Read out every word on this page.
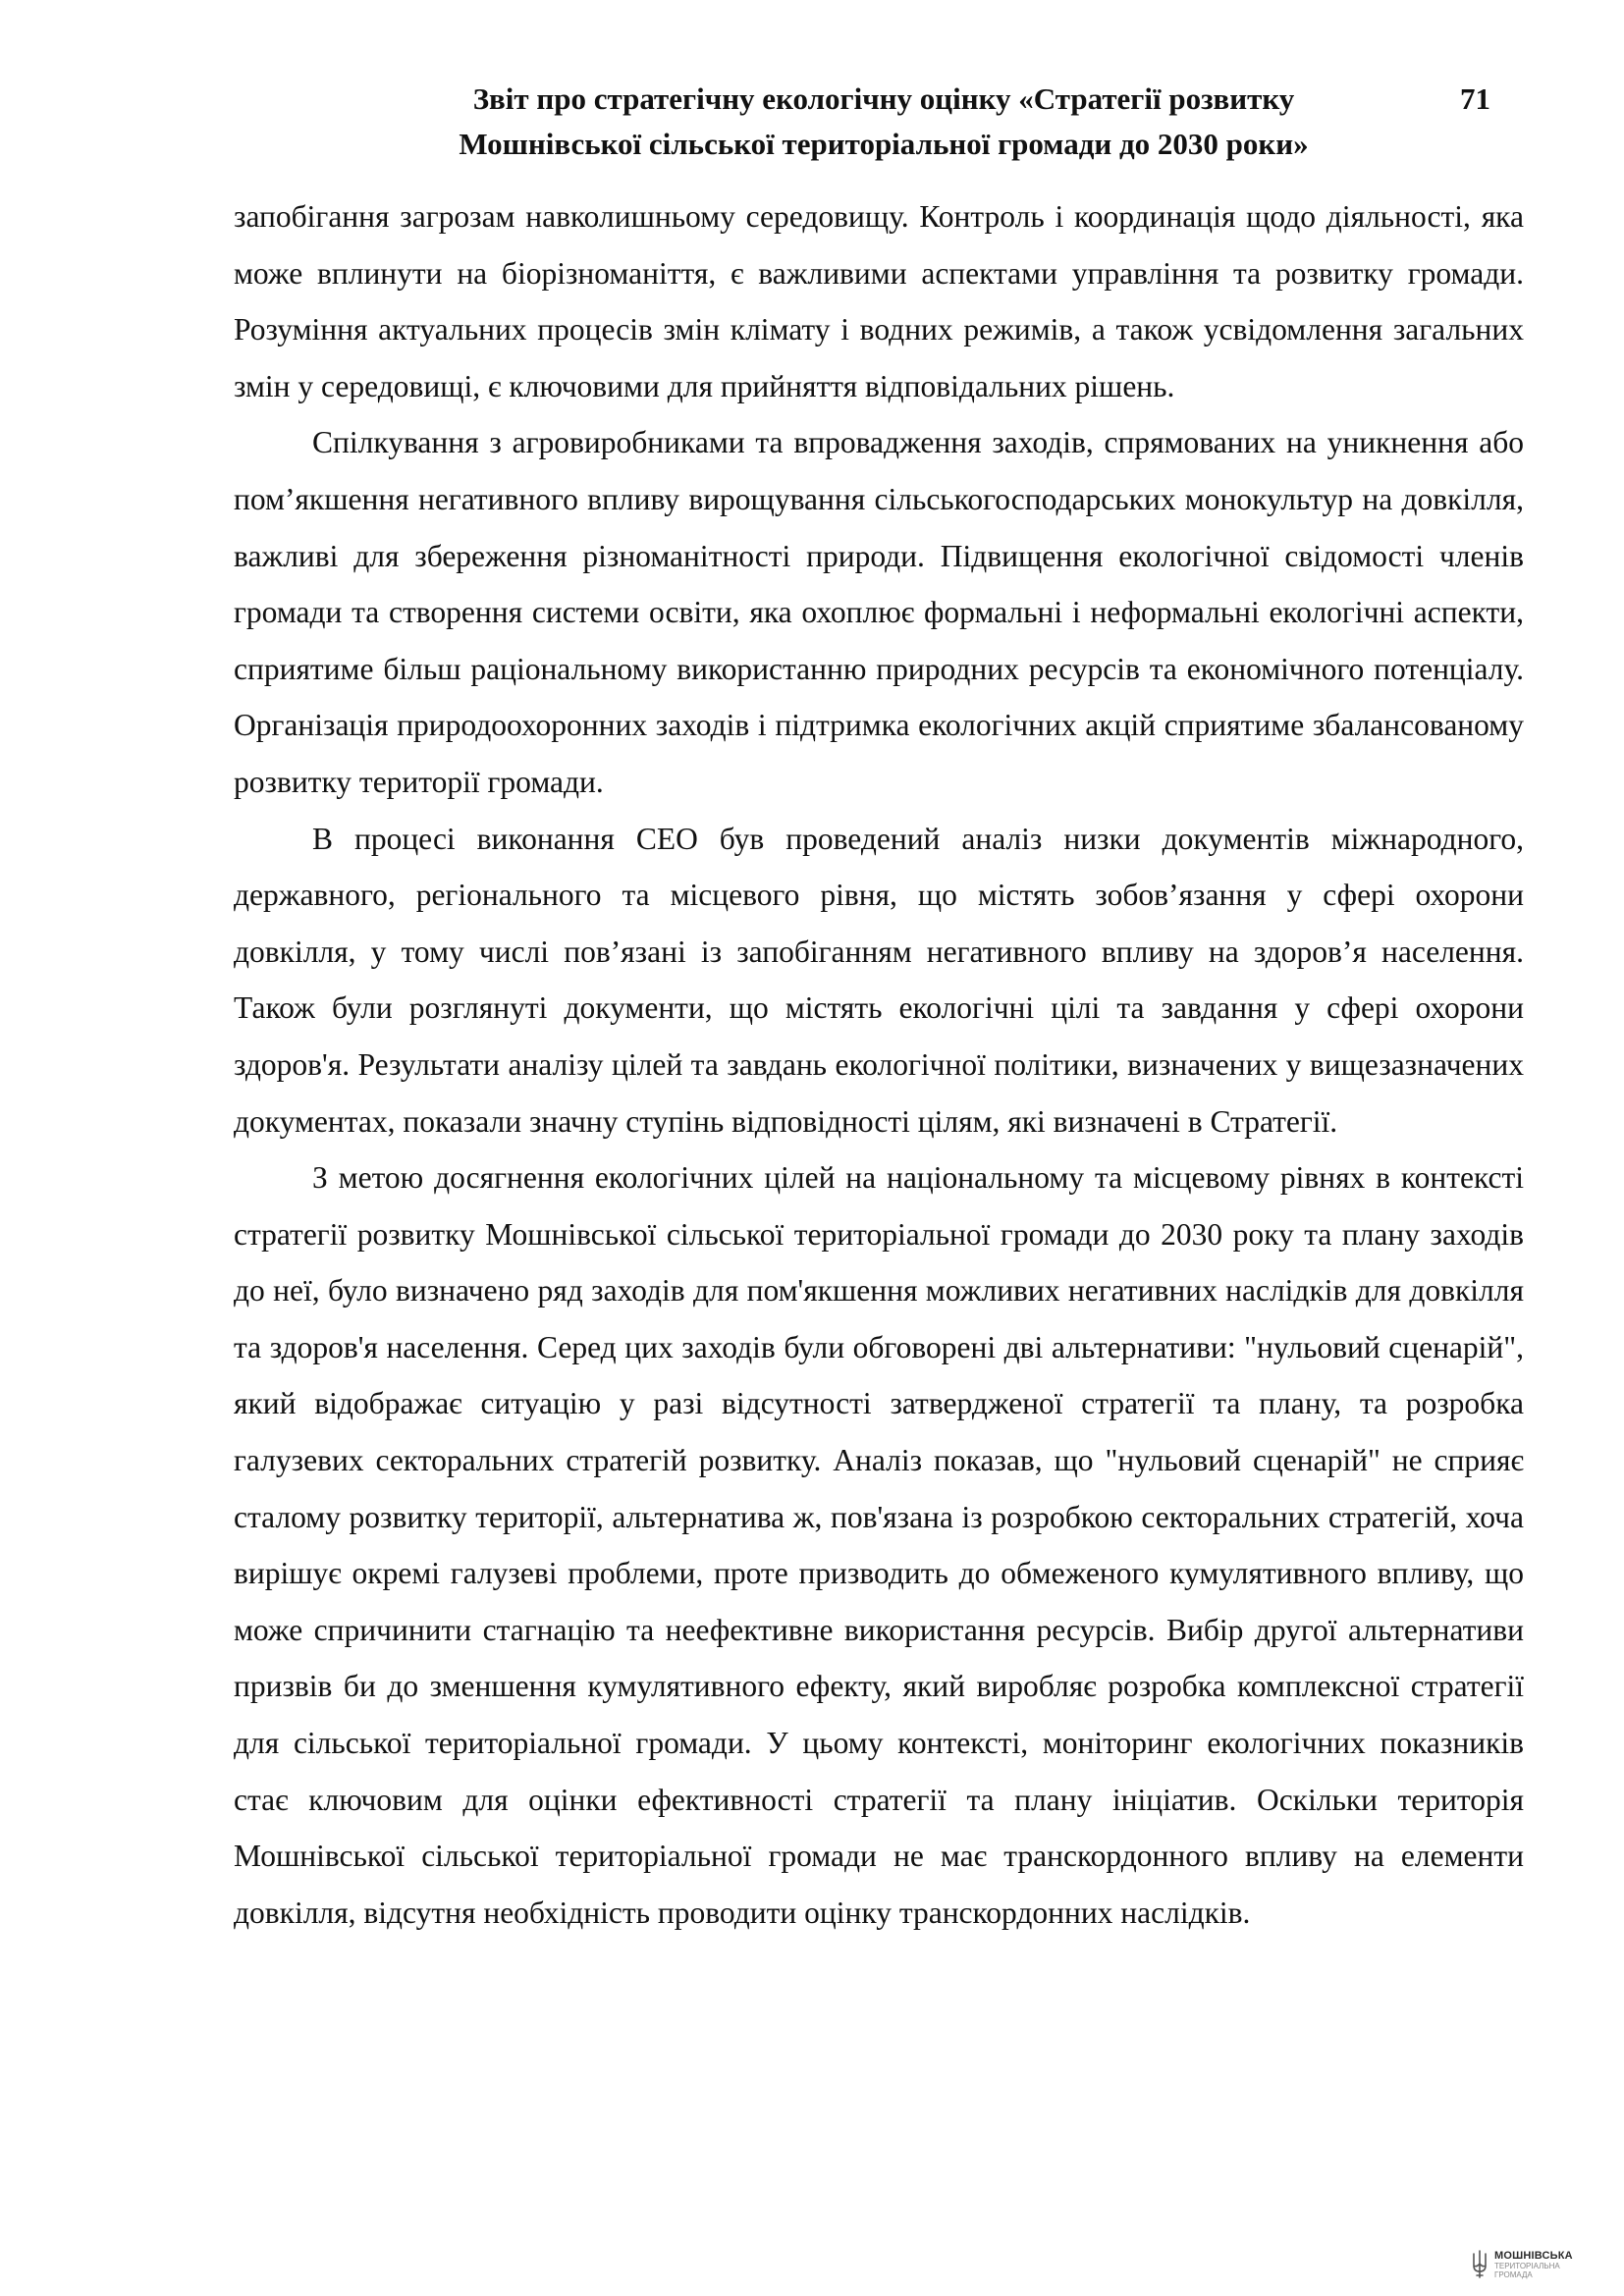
Звіт про стратегічну екологічну оцінку «Стратегії розвитку
Мошнівської сільської територіальної громади до 2030 роки»
71

запобігання загрозам навколишньому середовищу. Контроль і координація щодо діяльності, яка може вплинути на біорізноманіття, є важливими аспектами управління та розвитку громади. Розуміння актуальних процесів змін клімату і водних режимів, а також усвідомлення загальних змін у середовищі, є ключовими для прийняття відповідальних рішень.

Спілкування з агровиробниками та впровадження заходів, спрямованих на уникнення або пом’якшення негативного впливу вирощування сільськогосподарських монокультур на довкілля, важливі для збереження різноманітності природи. Підвищення екологічної свідомості членів громади та створення системи освіти, яка охоплює формальні і неформальні екологічні аспекти, сприятиме більш раціональному використанню природних ресурсів та економічного потенціалу. Організація природоохоронних заходів і підтримка екологічних акцій сприятиме збалансованому розвитку території громади.

В процесі виконання СЕО був проведений аналіз низки документів міжнародного, державного, регіонального та місцевого рівня, що містять зобов’язання у сфері охорони довкілля, у тому числі пов’язані із запобіганням негативного впливу на здоров’я населення. Також були розглянуті документи, що містять екологічні цілі та завдання у сфері охорони здоров'я. Результати аналізу цілей та завдань екологічної політики, визначених у вищезазначених документах, показали значну ступінь відповідності цілям, які визначені в Стратегії.

З метою досягнення екологічних цілей на національному та місцевому рівнях в контексті стратегії розвитку Мошнівської сільської територіальної громади до 2030 року та плану заходів до неї, було визначено ряд заходів для пом'якшення можливих негативних наслідків для довкілля та здоров'я населення. Серед цих заходів були обговорені дві альтернативи: "нульовий сценарій", який відображає ситуацію у разі відсутності затвердженої стратегії та плану, та розробка галузевих секторальних стратегій розвитку. Аналіз показав, що "нульовий сценарій" не сприяє сталому розвитку території, альтернатива ж, пов'язана із розробкою секторальних стратегій, хоча вирішує окремі галузеві проблеми, проте призводить до обмеженого кумулятивного впливу, що може спричинити стагнацію та неефективне використання ресурсів. Вибір другої альтернативи призвів би до зменшення кумулятивного ефекту, який виробляє розробка комплексної стратегії для сільської територіальної громади. У цьому контексті, моніторинг екологічних показників стає ключовим для оцінки ефективності стратегії та плану ініціатив. Оскільки територія Мошнівської сільської територіальної громади не має транскордонного впливу на елементи довкілля, відсутня необхідність проводити оцінку транскордонних наслідків.

МОШНІВСЬКА
ТЕРИТОРІАЛЬНА
ГРОМАДА
